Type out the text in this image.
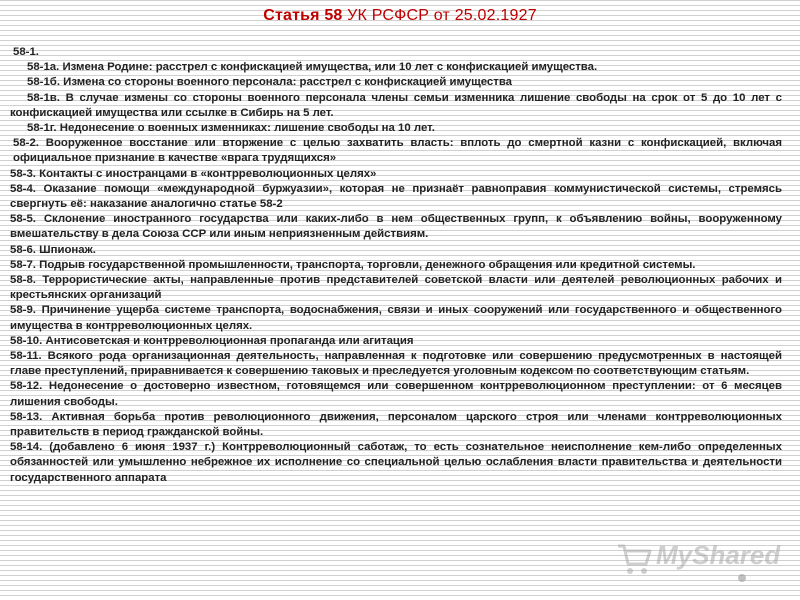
Статья 58 УК РСФСР от 25.02.1927

58-1.

58-1а. Измена Родине: расстрел с конфискацией имущества, или 10 лет с конфискацией имущества.

58-1б. Измена со стороны военного персонала: расстрел с конфискацией имущества

58-1в. В случае измены со стороны военного персонала члены семьи изменника лишение свободы на срок от 5 до 10 лет с конфискацией имущества или ссылке в Сибирь на 5 лет.

58-1г. Недонесение о военных изменниках: лишение свободы на 10 лет.

58-2. Вооруженное восстание или вторжение с целью захватить власть: вплоть до смертной казни с конфискацией, включая официальное признание в качестве «врага трудящихся»

58-3. Контакты с иностранцами в «контрреволюционных целях»

58-4. Оказание помощи «международной буржуазии», которая не признаёт равноправия коммунистической системы, стремясь свергнуть её: наказание аналогично статье 58-2

58-5. Склонение иностранного государства или каких-либо в нем общественных групп, к объявлению войны, вооруженному вмешательству в дела Союза ССР или иным неприязненным действиям.

58-6. Шпионаж.

58-7. Подрыв государственной промышленности, транспорта, торговли, денежного обращения или кредитной системы.

58-8. Террористические акты, направленные против представителей советской власти или деятелей революционных рабочих и крестьянских организаций

58-9. Причинение ущерба системе транспорта, водоснабжения, связи и иных сооружений или государственного и общественного имущества в контрреволюционных целях.

58-10. Антисоветская и контрреволюционная пропаганда или агитация

58-11. Всякого рода организационная деятельность, направленная к подготовке или совершению предусмотренных в настоящей главе преступлений, приравнивается к совершению таковых и преследуется уголовным кодексом по соответствующим статьям.

58-12. Недонесение о достоверно известном, готовящемся или совершенном контрреволюционном преступлении: от 6 месяцев лишения свободы.

58-13. Активная борьба против революционного движения, персоналом царского строя или членами контрреволюционных правительств в период гражданской войны.

58-14. (добавлено 6 июня 1937 г.) Контрреволюционный саботаж, то есть сознательное неисполнение кем-либо определенных обязанностей или умышленно небрежное их исполнение со специальной целью ослабления власти правительства и деятельности государственного аппарата

MyShared
